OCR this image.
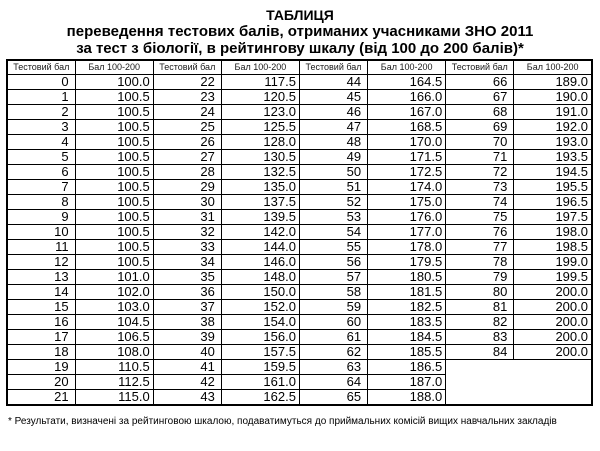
ТАБЛИЦЯ
переведення тестових балів, отриманих учасниками ЗНО 2011
за тест з біології, в рейтингову шкалу (від 100 до 200 балів)*
Тестовий бал	Бал 100-200	Тестовий бал	Бал 100-200	Тестовий бал	Бал 100-200	Тестовий бал	Бал 100-200
0	100.0	22	117.5	44	164.5	66	189.0
1	100.5	23	120.5	45	166.0	67	190.0
2	100.5	24	123.0	46	167.0	68	191.0
3	100.5	25	125.5	47	168.5	69	192.0
4	100.5	26	128.0	48	170.0	70	193.0
5	100.5	27	130.5	49	171.5	71	193.5
6	100.5	28	132.5	50	172.5	72	194.5
7	100.5	29	135.0	51	174.0	73	195.5
8	100.5	30	137.5	52	175.0	74	196.5
9	100.5	31	139.5	53	176.0	75	197.5
10	100.5	32	142.0	54	177.0	76	198.0
11	100.5	33	144.0	55	178.0	77	198.5
12	100.5	34	146.0	56	179.5	78	199.0
13	101.0	35	148.0	57	180.5	79	199.5
14	102.0	36	150.0	58	181.5	80	200.0
15	103.0	37	152.0	59	182.5	81	200.0
16	104.5	38	154.0	60	183.5	82	200.0
17	106.5	39	156.0	61	184.5	83	200.0
18	108.0	40	157.5	62	185.5	84	200.0
19	110.5	41	159.5	63	186.5		
20	112.5	42	161.0	64	187.0		
21	115.0	43	162.5	65	188.0		
* Результати, визначені за рейтинговою шкалою, подаватимуться до приймальних комісій вищих навчальних закладів
